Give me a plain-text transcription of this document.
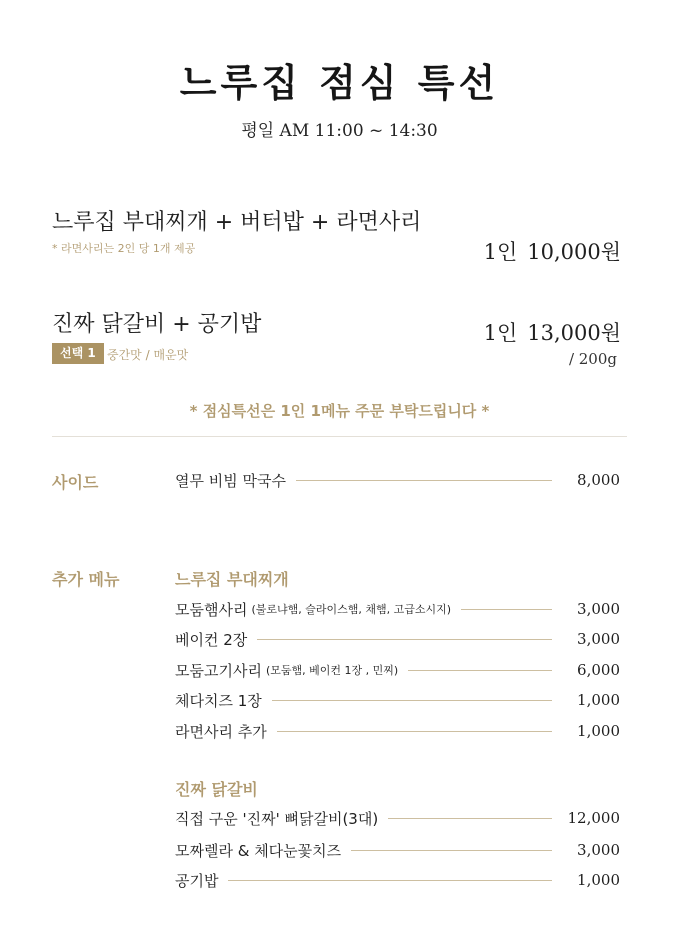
느루집 점심 특선
평일 AM 11:00 ~ 14:30
느루집 부대찌개 + 버터밥 + 라면사리
* 라면사리는 2인 당 1개 제공	1인 10,000원
진짜 닭갈비 + 공기밥	1인 13,000원
/ 200g
선택 1 중간맛 / 매운맛
* 점심특선은 1인 1메뉴 주문 부탁드립니다 *
사이드	열무 비빔 막국수	8,000
추가 메뉴	느루집 부대찌개
모둠햄사리 (불로냐햄, 슬라이스햄, 채햄, 고급소시지)	3,000
베이컨 2장	3,000
모둠고기사리 (모둠햄, 베이컨 1장 , 민찌)	6,000
체다치즈 1장	1,000
라면사리 추가	1,000
진짜 닭갈비
직접 구운 '진짜' 뼈닭갈비(3대)	12,000
모짜렐라 & 체다눈꽃치즈	3,000
공기밥	1,000
